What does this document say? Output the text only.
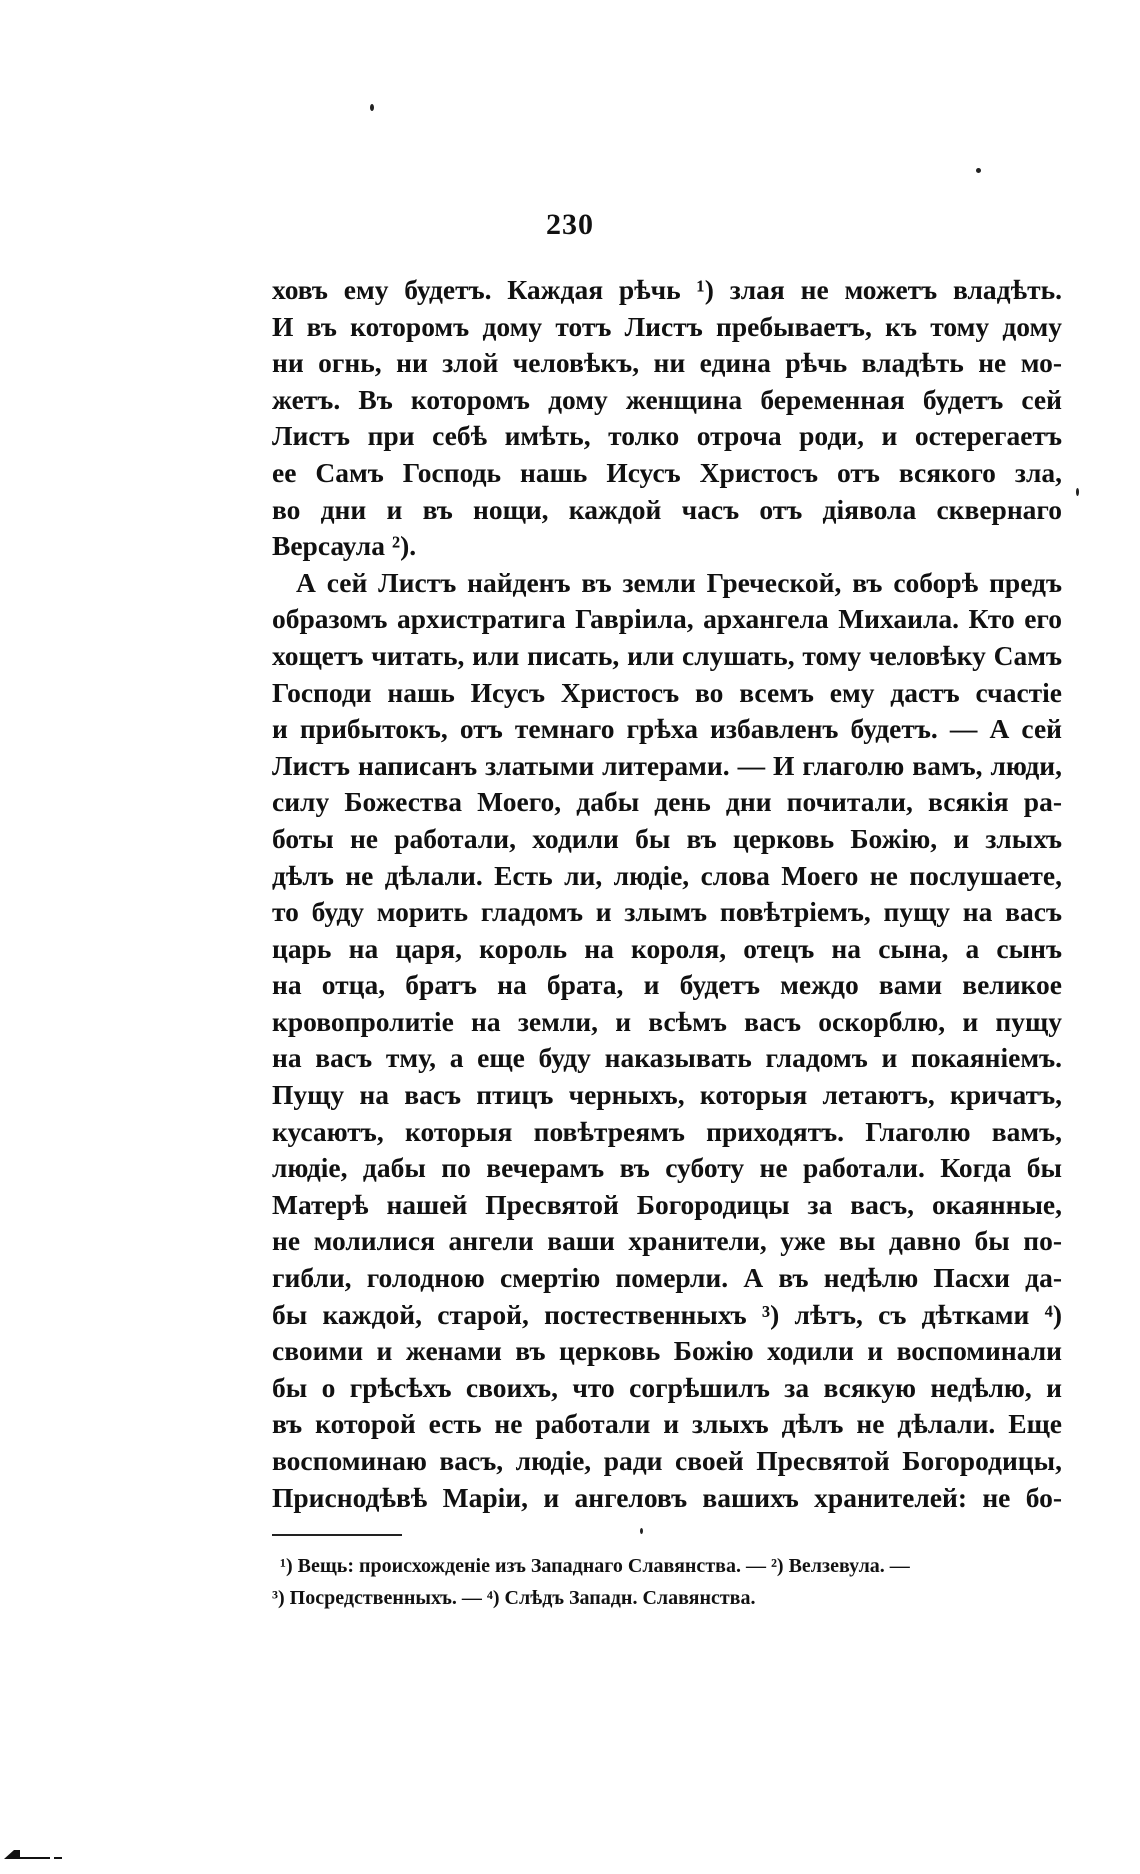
230
ховъ ему будетъ. Каждая рѣчь ¹) злая не можетъ владѣть.
И въ которомъ дому тотъ Листъ пребываетъ, къ тому дому
ни огнь, ни злой человѣкъ, ни едина рѣчь владѣть не мо-
жетъ. Въ которомъ дому женщина беременная будетъ сей
Листъ при себѣ имѣть, толко отроча роди, и остерегаетъ
ее Самъ Господь нашь Исусъ Христосъ отъ всякого зла,
во дни и въ нощи, каждой часъ отъ діявола сквернаго
Версаула ²).
А сей Листъ найденъ въ земли Греческой, въ соборѣ предъ
образомъ архистратига Гавріила, архангела Михаила. Кто его
хощетъ читать, или писать, или слушать, тому человѣку Самъ
Господи нашь Исусъ Христосъ во всемъ ему дастъ счастіе
и прибытокъ, отъ темнаго грѣха избавленъ будетъ. — А сей
Листъ написанъ златыми литерами. — И глаголю вамъ, люди,
силу Божества Моего, дабы день дни почитали, всякія ра-
боты не работали, ходили бы въ церковь Божію, и злыхъ
дѣлъ не дѣлали. Есть ли, людіе, слова Моего не послушаете,
то буду морить гладомъ и злымъ повѣтріемъ, пущу на васъ
царь на царя, король на короля, отецъ на сына, а сынъ
на отца, братъ на брата, и будетъ междо вами великое
кровопролитіе на земли, и всѣмъ васъ оскорблю, и пущу
на васъ тму, а еще буду наказывать гладомъ и покаяніемъ.
Пущу на васъ птицъ черныхъ, которыя летаютъ, кричатъ,
кусаютъ, которыя повѣтреямъ приходятъ. Глаголю вамъ,
людіе, дабы по вечерамъ въ суботу не работали. Когда бы
Матерѣ нашей Пресвятой Богородицы за васъ, окаянные,
не молилися ангели ваши хранители, уже вы давно бы по-
гибли, голодною смертію померли. А въ недѣлю Пасхи да-
бы каждой, старой, постественныхъ ³) лѣтъ, съ дѣтками ⁴)
своими и женами въ церковь Божію ходили и воспоминали
бы о грѣсѣхъ своихъ, что согрѣшилъ за всякую недѣлю, и
въ которой есть не работали и злыхъ дѣлъ не дѣлали. Еще
воспоминаю васъ, людіе, ради своей Пресвятой Богородицы,
Приснодѣвѣ Маріи, и ангеловъ вашихъ хранителей: не бо-
¹) Вещь: происхожденіе изъ Западнаго Славянства. — ²) Велзевула. —
³) Посредственныхъ. — ⁴) Слѣдъ Западн. Славянства.
